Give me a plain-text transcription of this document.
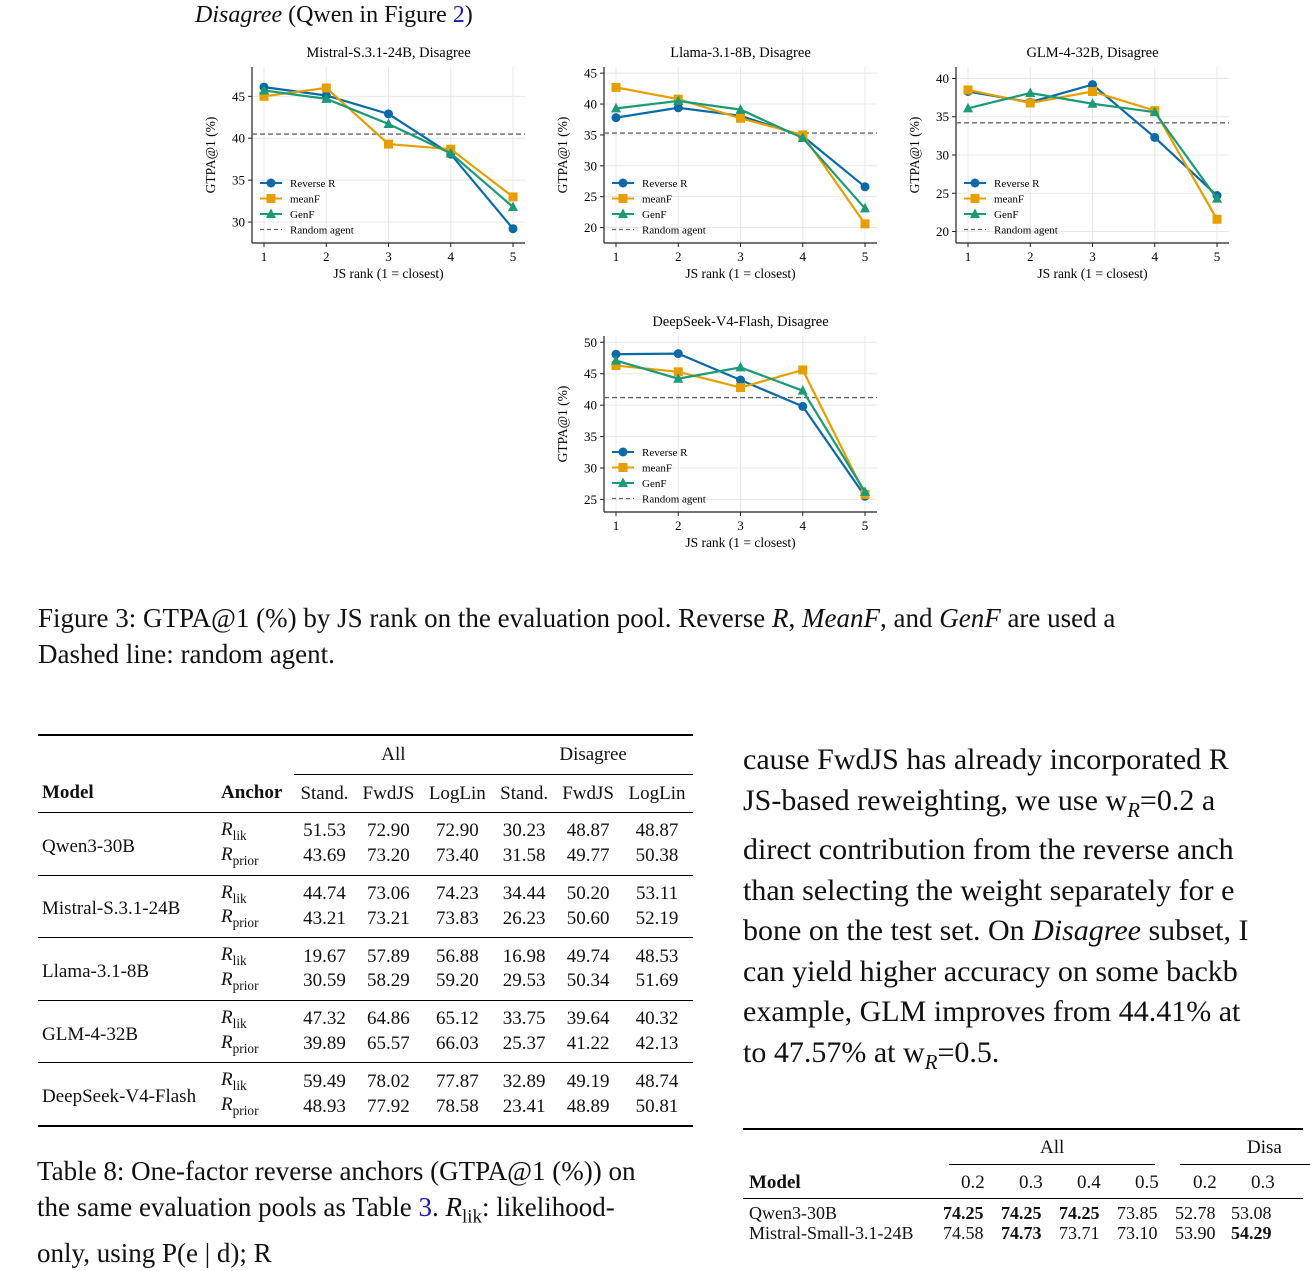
Disagree (Qwen in Figure 2)
Mistral-S.3.1-24B, Disagree
30
35
40
45
1	2	3	4	5
JS rank (1 = closest)
GTPA@1 (%)	Reverse R
meanF
GenF
Random agent
Llama-3.1-8B, Disagree
20
25
30
35
40
45
1	2	3	4	5
JS rank (1 = closest)
GTPA@1 (%)	Reverse R
meanF
GenF
Random agent
GLM-4-32B, Disagree
20
25
30
35
40
1	2	3	4	5
JS rank (1 = closest)
GTPA@1 (%)	Reverse R
meanF
GenF
Random agent
DeepSeek-V4-Flash, Disagree
25
30
35
40
45
50
1	2	3	4	5
JS rank (1 = closest)
GTPA@1 (%)	Reverse R
meanF
GenF
Random agent
Figure 3: GTPA@1 (%) by JS rank on the evaluation pool. Reverse R, MeanF, and GenF are used a
Dashed line: random agent.

		All			Disagree		

Model	Anchor	Stand.	FwdJS	LogLin	Stand.	FwdJS	LogLin
Qwen3-30B	$R_{lik}$	51.53	72.90	72.90	30.23	48.87	48.87
	$R_{prior}$	43.69	73.20	73.40	31.58	49.77	50.38
Mistral-S.3.1-24B	$R_{lik}$	44.74	73.06	74.23	34.44	50.20	53.11
	$R_{prior}$	43.21	73.21	73.83	26.23	50.60	52.19
Llama-3.1-8B	$R_{lik}$	19.67	57.89	56.88	16.98	49.74	48.53
	$R_{prior}$	30.59	58.29	59.20	29.53	50.34	51.69
GLM-4-32B	$R_{lik}$	47.32	64.86	65.12	33.75	39.64	40.32
	$R_{prior}$	39.89	65.57	66.03	25.37	41.22	42.13
DeepSeek-V4-Flash	$R_{lik}$	59.49	78.02	77.87	32.89	49.19	48.74
	$R_{prior}$	48.93	77.92	78.58	23.41	48.89	50.81
Table 8: One-factor reverse anchors (GTPA@1 (%)) on
the same evaluation pools as Table 3. $R_{lik}$: likelihood-
only, using P(e | d); R
cause FwdJS has already incorporated R
JS-based reweighting, we use $w_R=0.2$ a
direct contribution from the reverse anch
than selecting the weight separately for e
bone on the test set. On Disagree subset, I
can yield higher accuracy on some backb
example, GLM improves from 44.41% at
to 47.57% at $w_R=0.5$.
All	Disa
Model	0.2 0.3 0.4 0.5 0.2 0.3
Qwen3-30B	74.25 74.25 74.25 73.85 52.78 53.08
Mistral-Small-3.1-24B 74.58 74.73 73.71 73.10 53.90 54.29
